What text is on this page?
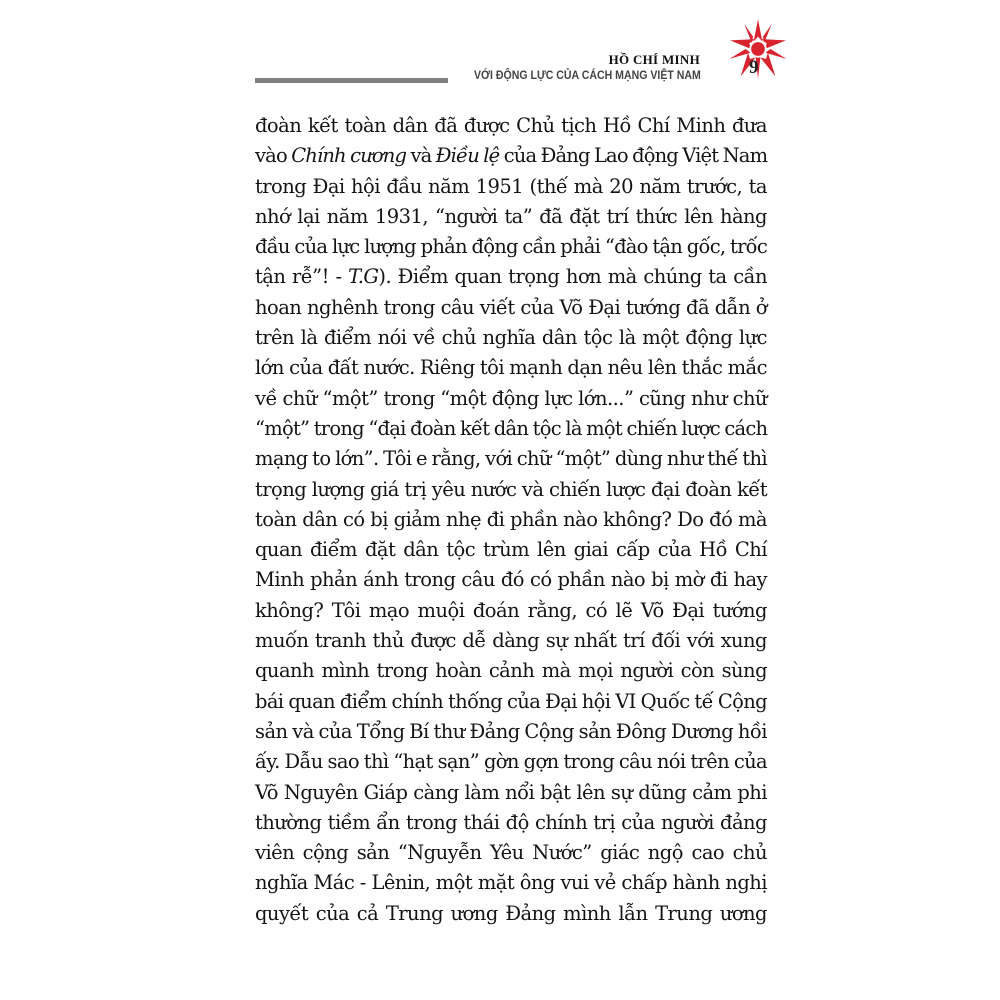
HỒ CHÍ MINH
VỚI ĐỘNG LỰC CỦA CÁCH MẠNG VIỆT NAM	9
đoàn kết toàn dân đã được Chủ tịch Hồ Chí Minh đưa
vào Chính cương và Điều lệ của Đảng Lao động Việt Nam
trong Đại hội đầu năm 1951 (thế mà 20 năm trước, ta
nhớ lại năm 1931, “người ta” đã đặt trí thức lên hàng
đầu của lực lượng phản động cần phải “đào tận gốc, trốc
tận rễ”! - T.G). Điểm quan trọng hơn mà chúng ta cần
hoan nghênh trong câu viết của Võ Đại tướng đã dẫn ở
trên là điểm nói về chủ nghĩa dân tộc là một động lực
lớn của đất nước. Riêng tôi mạnh dạn nêu lên thắc mắc
về chữ “một” trong “một động lực lớn...” cũng như chữ
“một” trong “đại đoàn kết dân tộc là một chiến lược cách
mạng to lớn”. Tôi e rằng, với chữ “một” dùng như thế thì
trọng lượng giá trị yêu nước và chiến lược đại đoàn kết
toàn dân có bị giảm nhẹ đi phần nào không? Do đó mà
quan điểm đặt dân tộc trùm lên giai cấp của Hồ Chí
Minh phản ánh trong câu đó có phần nào bị mờ đi hay
không? Tôi mạo muội đoán rằng, có lẽ Võ Đại tướng
muốn tranh thủ được dễ dàng sự nhất trí đối với xung
quanh mình trong hoàn cảnh mà mọi người còn sùng
bái quan điểm chính thống của Đại hội VI Quốc tế Cộng
sản và của Tổng Bí thư Đảng Cộng sản Đông Dương hồi
ấy. Dẫu sao thì “hạt sạn” gờn gợn trong câu nói trên của
Võ Nguyên Giáp càng làm nổi bật lên sự dũng cảm phi
thường tiềm ẩn trong thái độ chính trị của người đảng
viên cộng sản “Nguyễn Yêu Nước” giác ngộ cao chủ
nghĩa Mác - Lênin, một mặt ông vui vẻ chấp hành nghị
quyết của cả Trung ương Đảng mình lẫn Trung ương
